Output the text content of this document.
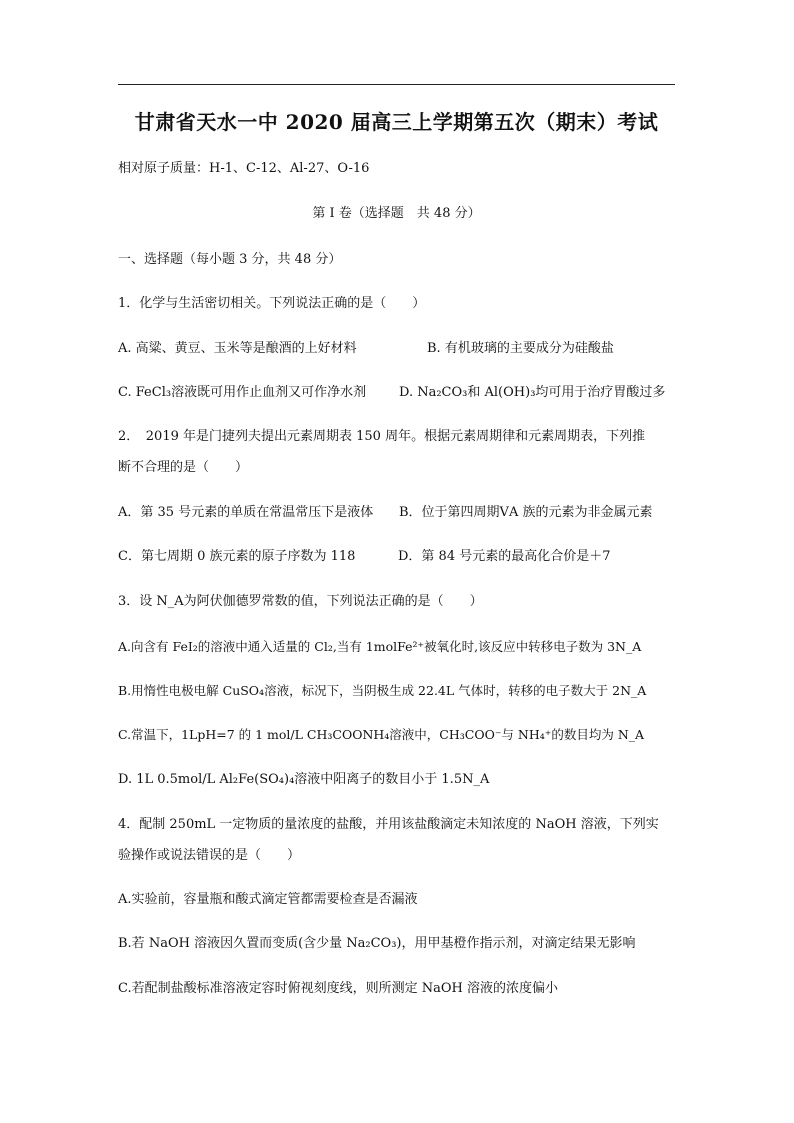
甘肃省天水一中 2020 届高三上学期第五次（期末）考试
相对原子质量：H-1、C-12、Al-27、O-16
第 I 卷（选择题　共 48 分）
一、选择题（每小题 3 分，共 48 分）
1．化学与生活密切相关。下列说法正确的是（　　）
A. 高粱、黄豆、玉米等是酿酒的上好材料	B. 有机玻璃的主要成分为硅酸盐
C. FeCl₃溶液既可用作止血剂又可作净水剂	D. Na₂CO₃和 Al(OH)₃均可用于治疗胃酸过多
2．　2019 年是门捷列夫提出元素周期表 150 周年。根据元素周期律和元素周期表，下列推
断不合理的是（　　）
A．第 35 号元素的单质在常温常压下是液体 B．位于第四周期ⅤA 族的元素为非金属元素
C．第七周期 0 族元素的原子序数为 118	D．第 84 号元素的最高化合价是＋7
3．设 N_A为阿伏伽德罗常数的值，下列说法正确的是（　　）
A.向含有 FeI₂的溶液中通入适量的 Cl₂,当有 1molFe²⁺被氧化时,该反应中转移电子数为 3N_A
B.用惰性电极电解 CuSO₄溶液，标况下，当阴极生成 22.4L 气体时，转移的电子数大于 2N_A
C.常温下，1LpH=7 的 1 mol/L CH₃COONH₄溶液中，CH₃COO⁻与 NH₄⁺的数目均为 N_A
D. 1L 0.5mol/L Al₂Fe(SO₄)₄溶液中阳离子的数目小于 1.5N_A
4．配制 250mL 一定物质的量浓度的盐酸，并用该盐酸滴定未知浓度的 NaOH 溶液，下列实
验操作或说法错误的是（　　）
A.实验前，容量瓶和酸式滴定管都需要检查是否漏液
B.若 NaOH 溶液因久置而变质(含少量 Na₂CO₃)，用甲基橙作指示剂，对滴定结果无影响
C.若配制盐酸标准溶液定容时俯视刻度线，则所测定 NaOH 溶液的浓度偏小
